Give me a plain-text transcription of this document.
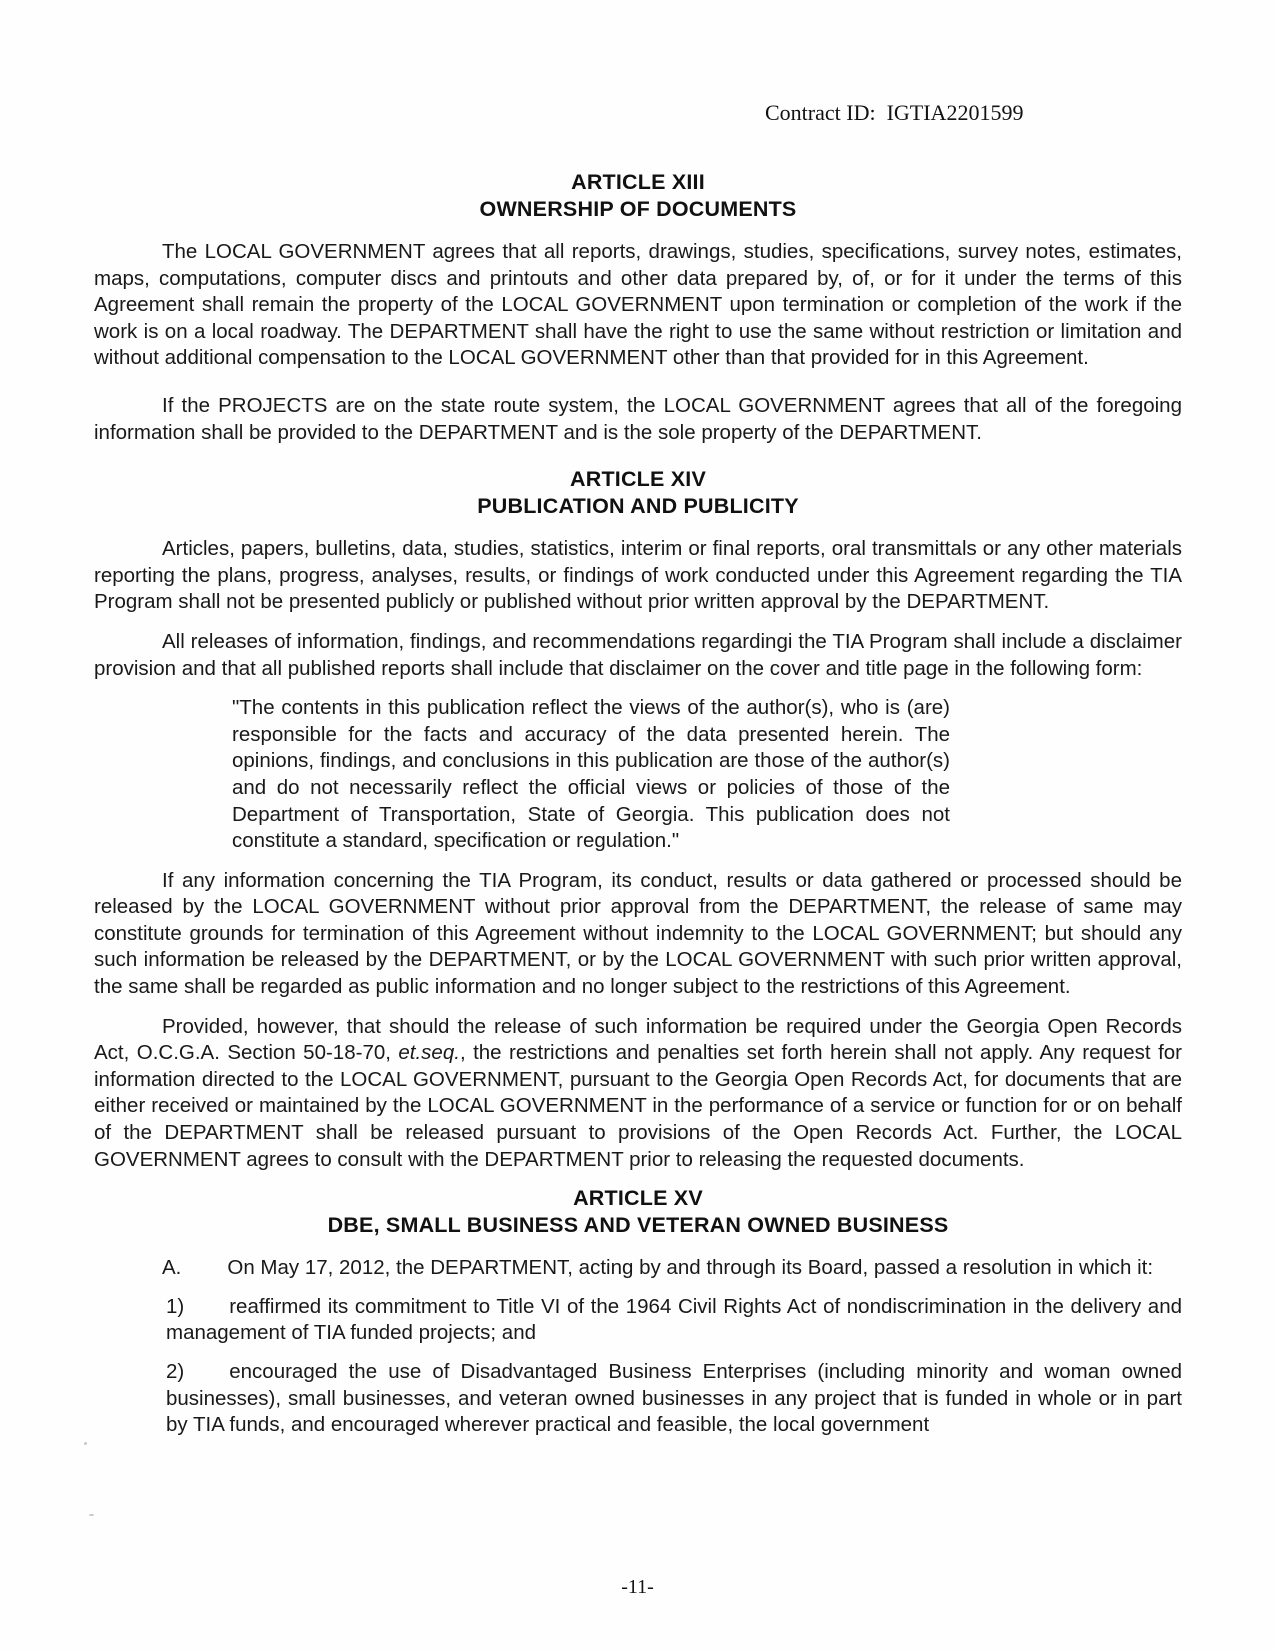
Contract ID:  IGTIA2201599
ARTICLE XIII
OWNERSHIP OF DOCUMENTS

The LOCAL GOVERNMENT agrees that all reports, drawings, studies, specifications, survey notes, estimates, maps, computations, computer discs and printouts and other data prepared by, of, or for it under the terms of this Agreement shall remain the property of the LOCAL GOVERNMENT upon termination or completion of the work if the work is on a local roadway. The DEPARTMENT shall have the right to use the same without restriction or limitation and without additional compensation to the LOCAL GOVERNMENT other than that provided for in this Agreement.

If the PROJECTS are on the state route system, the LOCAL GOVERNMENT agrees that all of the foregoing information shall be provided to the DEPARTMENT and is the sole property of the DEPARTMENT.

ARTICLE XIV
PUBLICATION AND PUBLICITY

Articles, papers, bulletins, data, studies, statistics, interim or final reports, oral transmittals or any other materials reporting the plans, progress, analyses, results, or findings of work conducted under this Agreement regarding the TIA Program shall not be presented publicly or published without prior written approval by the DEPARTMENT.

All releases of information, findings, and recommendations regardingi the TIA Program shall include a disclaimer provision and that all published reports shall include that disclaimer on the cover and title page in the following form:

"The contents in this publication reflect the views of the author(s), who is (are) responsible for the facts and accuracy of the data presented herein. The opinions, findings, and conclusions in this publication are those of the author(s) and do not necessarily reflect the official views or policies of those of the Department of Transportation, State of Georgia. This publication does not constitute a standard, specification or regulation."

If any information concerning the TIA Program, its conduct, results or data gathered or processed should be released by the LOCAL GOVERNMENT without prior approval from the DEPARTMENT, the release of same may constitute grounds for termination of this Agreement without indemnity to the LOCAL GOVERNMENT; but should any such information be released by the DEPARTMENT, or by the LOCAL GOVERNMENT with such prior written approval, the same shall be regarded as public information and no longer subject to the restrictions of this Agreement.

Provided, however, that should the release of such information be required under the Georgia Open Records Act, O.C.G.A. Section 50-18-70, et.seq., the restrictions and penalties set forth herein shall not apply. Any request for information directed to the LOCAL GOVERNMENT, pursuant to the Georgia Open Records Act, for documents that are either received or maintained by the LOCAL GOVERNMENT in the performance of a service or function for or on behalf of the DEPARTMENT shall be released pursuant to provisions of the Open Records Act. Further, the LOCAL GOVERNMENT agrees to consult with the DEPARTMENT prior to releasing the requested documents.

ARTICLE XV
DBE, SMALL BUSINESS AND VETERAN OWNED BUSINESS

A. On May 17, 2012, the DEPARTMENT, acting by and through its Board, passed a resolution in which it:

1) reaffirmed its commitment to Title VI of the 1964 Civil Rights Act of nondiscrimination in the delivery and management of TIA funded projects; and

2) encouraged the use of Disadvantaged Business Enterprises (including minority and woman owned businesses), small businesses, and veteran owned businesses in any project that is funded in whole or in part by TIA funds, and encouraged wherever practical and feasible, the local government

-11-
